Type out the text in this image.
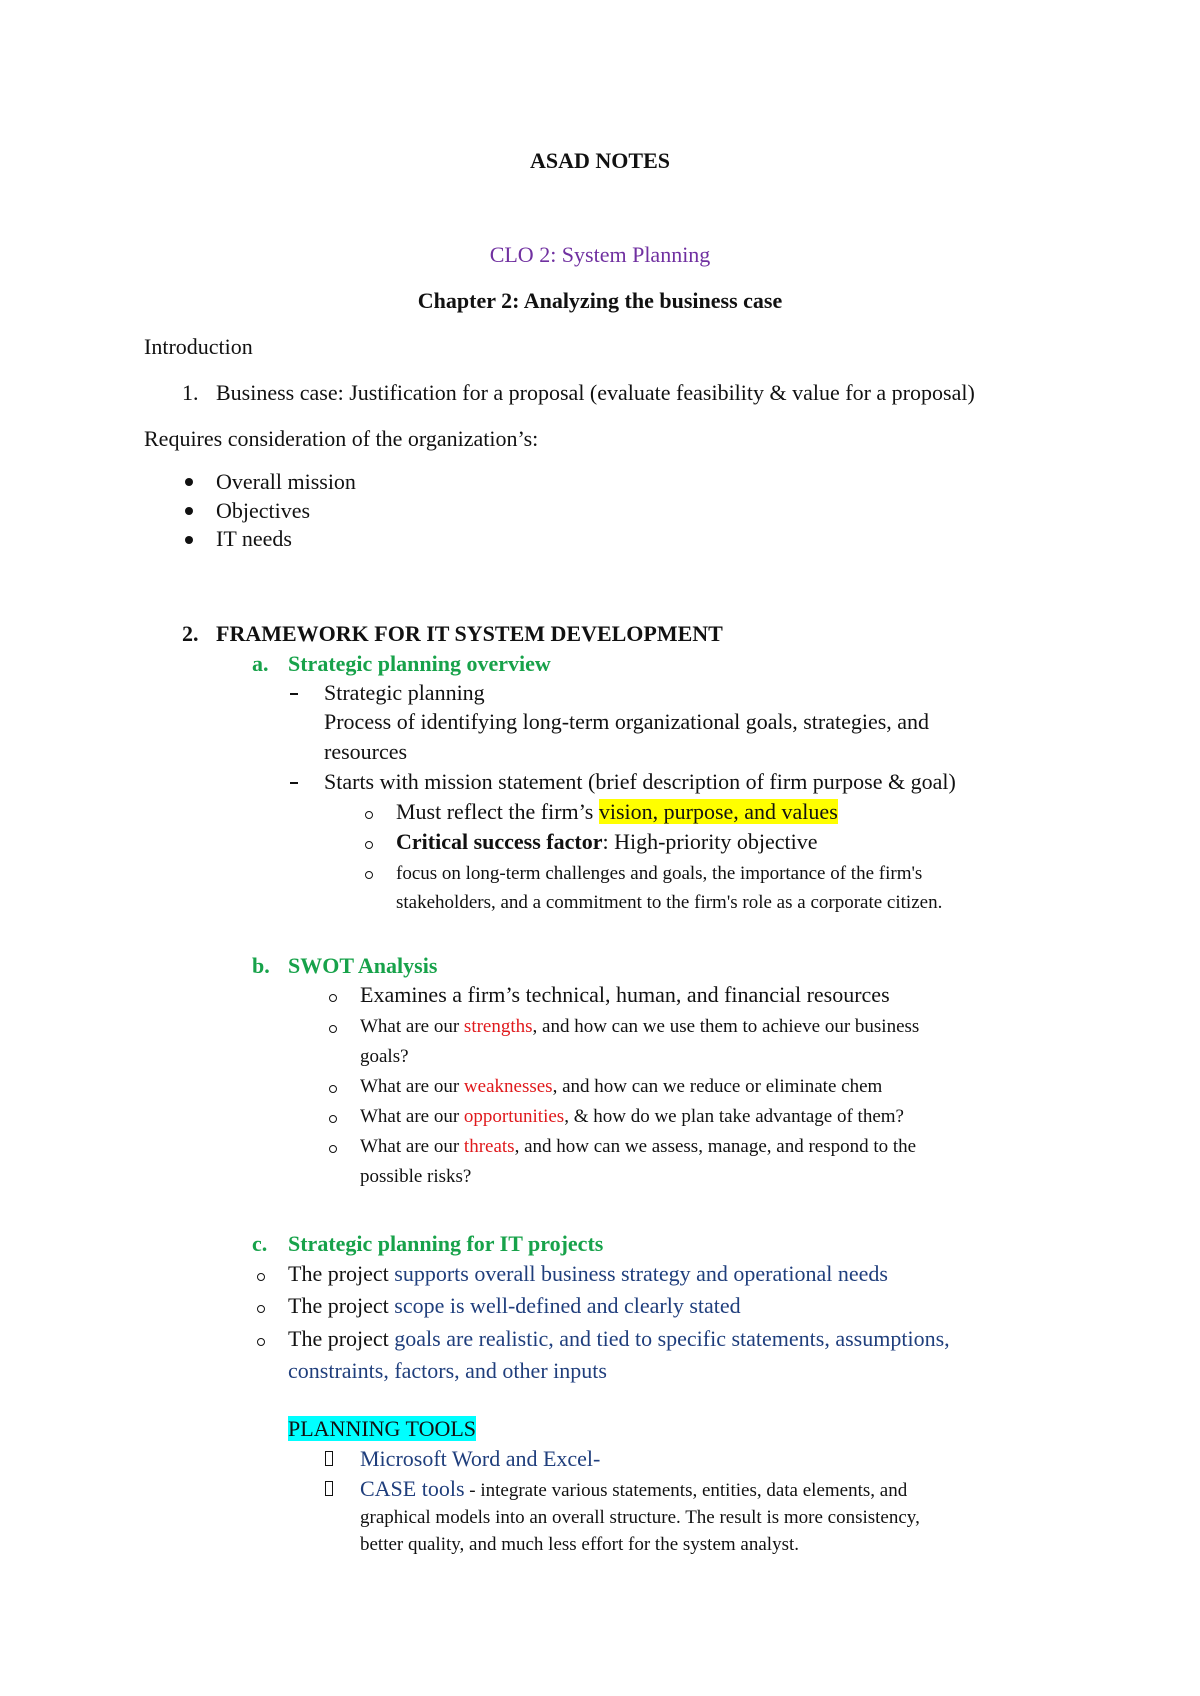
ASAD NOTES
CLO 2: System Planning
Chapter 2: Analyzing the business case
Introduction
1. Business case: Justification for a proposal (evaluate feasibility & value for a proposal)
Requires consideration of the organization’s:
Overall mission
Objectives
IT needs
2. FRAMEWORK FOR IT SYSTEM DEVELOPMENT
a. Strategic planning overview
Strategic planning
Process of identifying long-term organizational goals, strategies, and
resources
Starts with mission statement (brief description of firm purpose & goal)
Must reflect the firm’s vision, purpose, and values
Critical success factor: High-priority objective
focus on long-term challenges and goals, the importance of the firm's
stakeholders, and a commitment to the firm's role as a corporate citizen.
b. SWOT Analysis
Examines a firm’s technical, human, and financial resources
What are our strengths, and how can we use them to achieve our business
goals?
What are our weaknesses, and how can we reduce or eliminate chem
What are our opportunities, & how do we plan take advantage of them?
What are our threats, and how can we assess, manage, and respond to the
possible risks?
c. Strategic planning for IT projects
The project supports overall business strategy and operational needs
The project scope is well-defined and clearly stated
The project goals are realistic, and tied to specific statements, assumptions,
constraints, factors, and other inputs
PLANNING TOOLS
Microsoft Word and Excel-
CASE tools - integrate various statements, entities, data elements, and
graphical models into an overall structure. The result is more consistency,
better quality, and much less effort for the system analyst.
